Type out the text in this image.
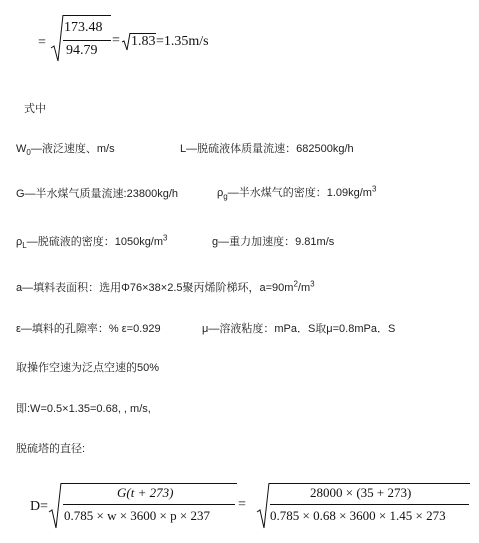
=
173.48
94.79
= 1.83 =1.35m/s
式中
$W_0—$液泛速度、m/s	L—脱硫液体质量流速：682500kg/h
G—半水煤气质量流速:23800kg/h	$\rho_g—$半水煤气的密度：$1.09kg/m^3$
$\rho_L—$脱硫液的密度：$1050kg/m^3$	g—重力加速度：9.81m/s
a—填料表面积：选用Φ76×38×2.5聚丙烯阶梯环，$a=90m^2/m^3$
ε—填料的孔隙率：% ε=0.929	μ—溶液粘度：mPa．S取μ=0.8mPa．S
取操作空速为泛点空速的50%
即:W=0.5×1.35=0.68, , m/s,
脱硫塔的直径:
D=
G(t + 273)
0.785 × w × 3600 × p × 237
=
28000 × (35 + 273)
0.785 × 0.68 × 3600 × 1.45 × 273
